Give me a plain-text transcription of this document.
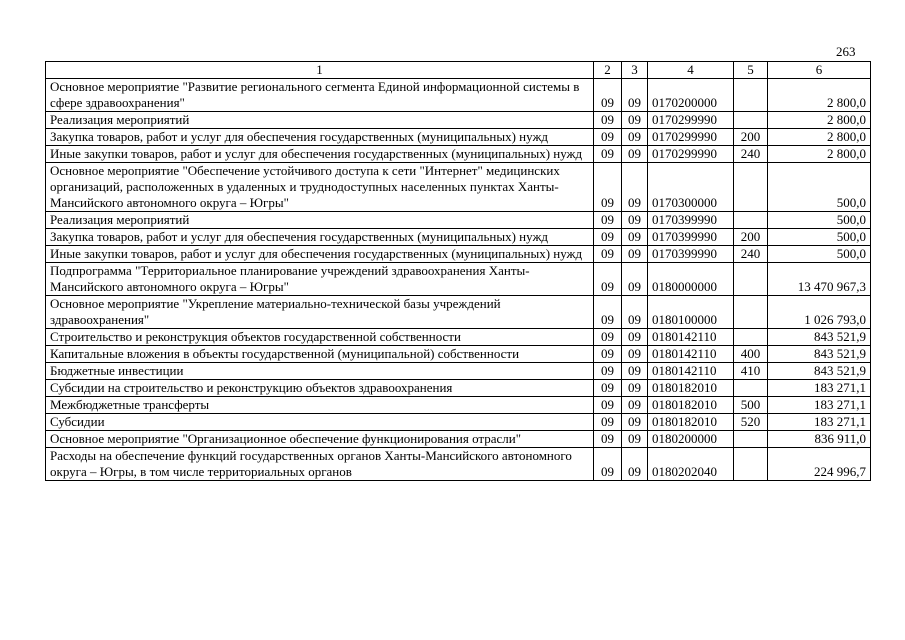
263
1	2	3	4	5	6
Основное мероприятие "Развитие регионального сегмента Единой информационной системы в сфере здравоохранения"	09	09	0170200000		2 800,0
Реализация мероприятий	09	09	0170299990		2 800,0
Закупка товаров, работ и услуг для обеспечения государственных (муниципальных) нужд	09	09	0170299990	200	2 800,0
Иные закупки товаров, работ и услуг для обеспечения государственных (муниципальных) нужд	09	09	0170299990	240	2 800,0
Основное мероприятие "Обеспечение устойчивого доступа к сети "Интернет" медицинских организаций, расположенных в удаленных и труднодоступных населенных пунктах Ханты-Мансийского автономного округа – Югры"	09	09	0170300000		500,0
Реализация мероприятий	09	09	0170399990		500,0
Закупка товаров, работ и услуг для обеспечения государственных (муниципальных) нужд	09	09	0170399990	200	500,0
Иные закупки товаров, работ и услуг для обеспечения государственных (муниципальных) нужд	09	09	0170399990	240	500,0
Подпрограмма "Территориальное планирование учреждений здравоохранения Ханты-Мансийского автономного округа – Югры"	09	09	0180000000		13 470 967,3
Основное мероприятие "Укрепление материально-технической базы учреждений здравоохранения"	09	09	0180100000		1 026 793,0
Строительство и реконструкция объектов государственной собственности	09	09	0180142110		843 521,9
Капитальные вложения в объекты государственной (муниципальной) собственности	09	09	0180142110	400	843 521,9
Бюджетные инвестиции	09	09	0180142110	410	843 521,9
Субсидии на строительство и реконструкцию объектов здравоохранения	09	09	0180182010		183 271,1
Межбюджетные трансферты	09	09	0180182010	500	183 271,1
Субсидии	09	09	0180182010	520	183 271,1
Основное мероприятие "Организационное обеспечение функционирования отрасли"	09	09	0180200000		836 911,0
Расходы на обеспечение функций государственных органов Ханты-Мансийского автономного округа – Югры, в том числе территориальных органов	09	09	0180202040		224 996,7
